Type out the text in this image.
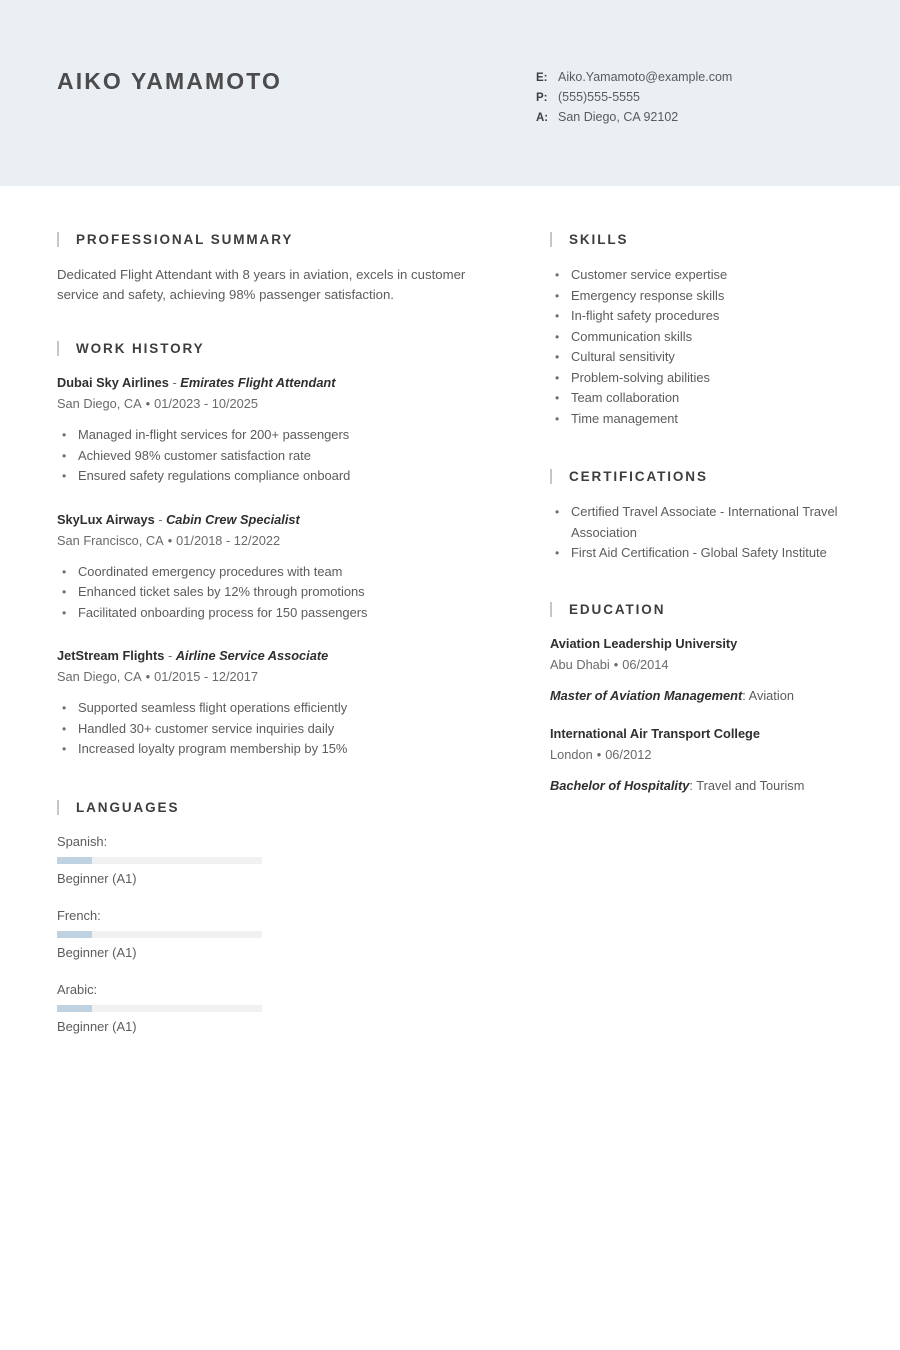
AIKO YAMAMOTO	E: Aiko.Yamamoto@example.com
P: (555)555-5555
A: San Diego, CA 92102
PROFESSIONAL SUMMARY

Dedicated Flight Attendant with 8 years in aviation, excels in customer service and safety, achieving 98% passenger satisfaction.

WORK HISTORY
Dubai Sky Airlines - Emirates Flight Attendant
San Diego, CA • 01/2023 - 10/2025
• Managed in-flight services for 200+ passengers
• Achieved 98% customer satisfaction rate
• Ensured safety regulations compliance onboard
SkyLux Airways - Cabin Crew Specialist
San Francisco, CA • 01/2018 - 12/2022
• Coordinated emergency procedures with team
• Enhanced ticket sales by 12% through promotions
• Facilitated onboarding process for 150 passengers
JetStream Flights - Airline Service Associate
San Diego, CA • 01/2015 - 12/2017
• Supported seamless flight operations efficiently
• Handled 30+ customer service inquiries daily
• Increased loyalty program membership by 15%
LANGUAGES
Spanish:
Beginner (A1)
French:
Beginner (A1)
Arabic:
Beginner (A1)
SKILLS
• Customer service expertise
• Emergency response skills
• In-flight safety procedures
• Communication skills
• Cultural sensitivity
• Problem-solving abilities
• Team collaboration
• Time management
CERTIFICATIONS
• Certified Travel Associate - International Travel Association
• First Aid Certification - Global Safety Institute
EDUCATION
Aviation Leadership University
Abu Dhabi • 06/2014
Master of Aviation Management: Aviation
International Air Transport College
London • 06/2012
Bachelor of Hospitality: Travel and Tourism
